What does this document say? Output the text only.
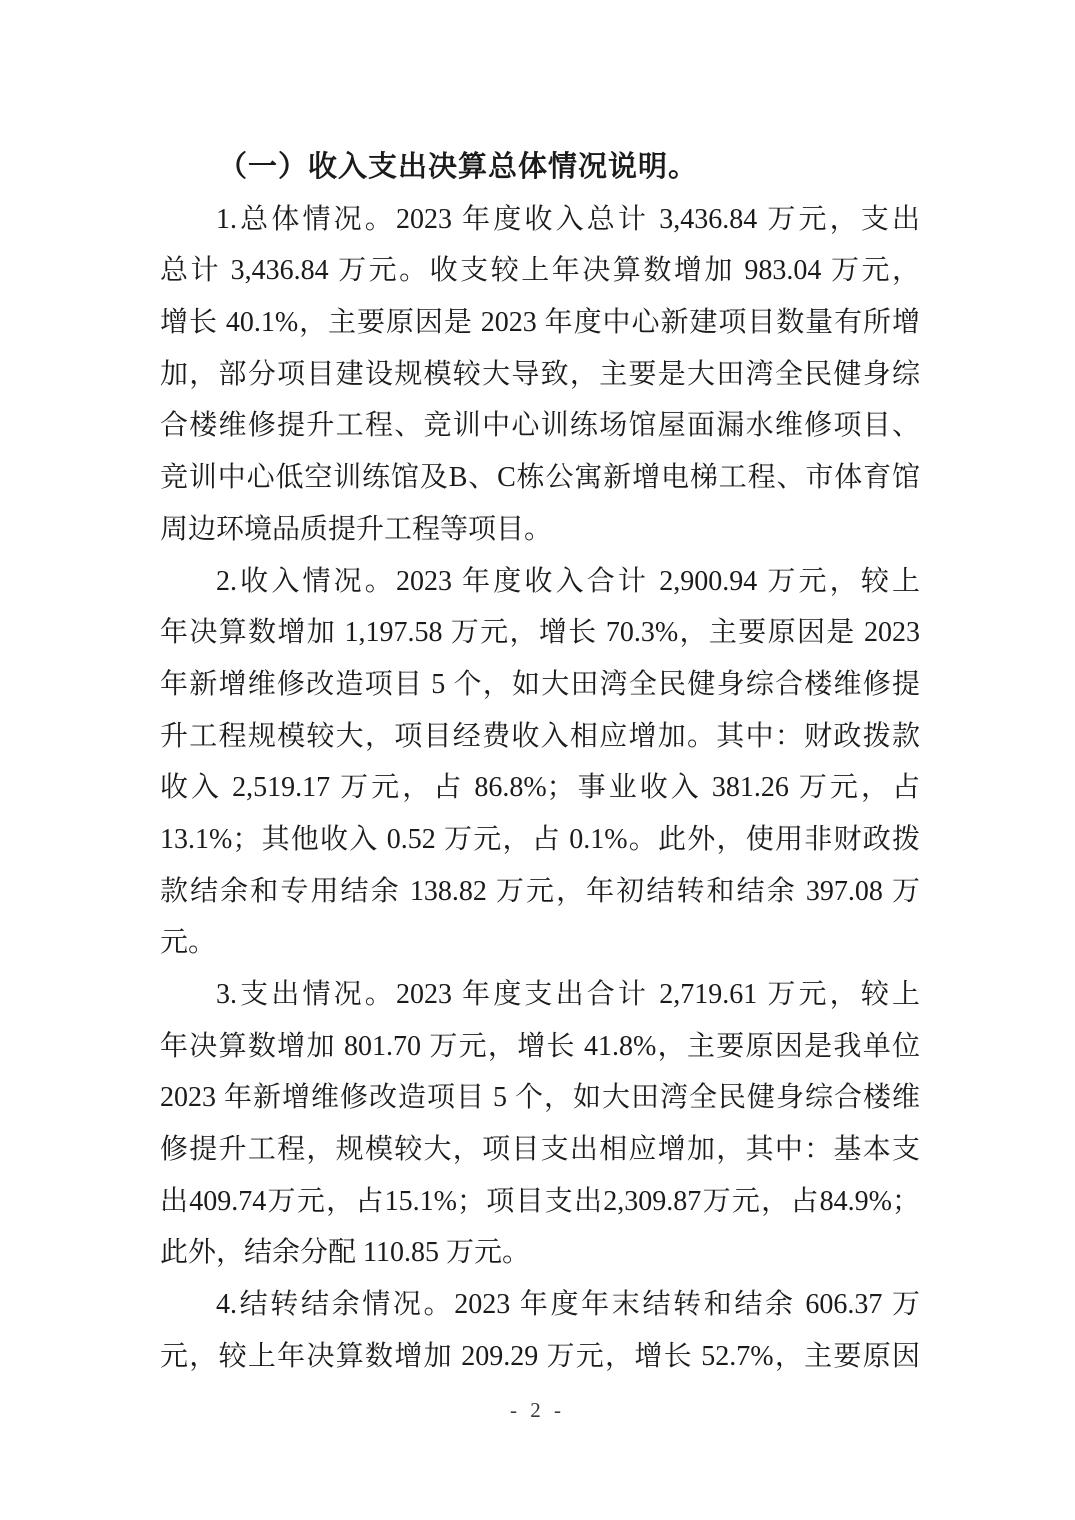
（一）收入支出决算总体情况说明。
1.总体情况。2023 年度收入总计 3,436.84 万元，支出
总计 3,436.84 万元。收支较上年决算数增加 983.04 万元，
增长 40.1%，主要原因是 2023 年度中心新建项目数量有所增
加，部分项目建设规模较大导致，主要是大田湾全民健身综
合楼维修提升工程、竞训中心训练场馆屋面漏水维修项目、
竞训中心低空训练馆及B、C栋公寓新增电梯工程、市体育馆
周边环境品质提升工程等项目。
2.收入情况。2023 年度收入合计 2,900.94 万元，较上
年决算数增加 1,197.58 万元，增长 70.3%，主要原因是 2023
年新增维修改造项目 5 个，如大田湾全民健身综合楼维修提
升工程规模较大，项目经费收入相应增加。其中：财政拨款
收入 2,519.17 万元，占 86.8%；事业收入 381.26 万元，占
13.1%；其他收入 0.52 万元，占 0.1%。此外，使用非财政拨
款结余和专用结余 138.82 万元，年初结转和结余 397.08 万
元。
3.支出情况。2023 年度支出合计 2,719.61 万元，较上
年决算数增加 801.70 万元，增长 41.8%，主要原因是我单位
2023 年新增维修改造项目 5 个，如大田湾全民健身综合楼维
修提升工程，规模较大，项目支出相应增加，其中：基本支
出409.74万元，占15.1%；项目支出2,309.87万元，占84.9%；
此外，结余分配 110.85 万元。
4.结转结余情况。2023 年度年末结转和结余 606.37 万
元，较上年决算数增加 209.29 万元，增长 52.7%，主要原因
- 2 -
